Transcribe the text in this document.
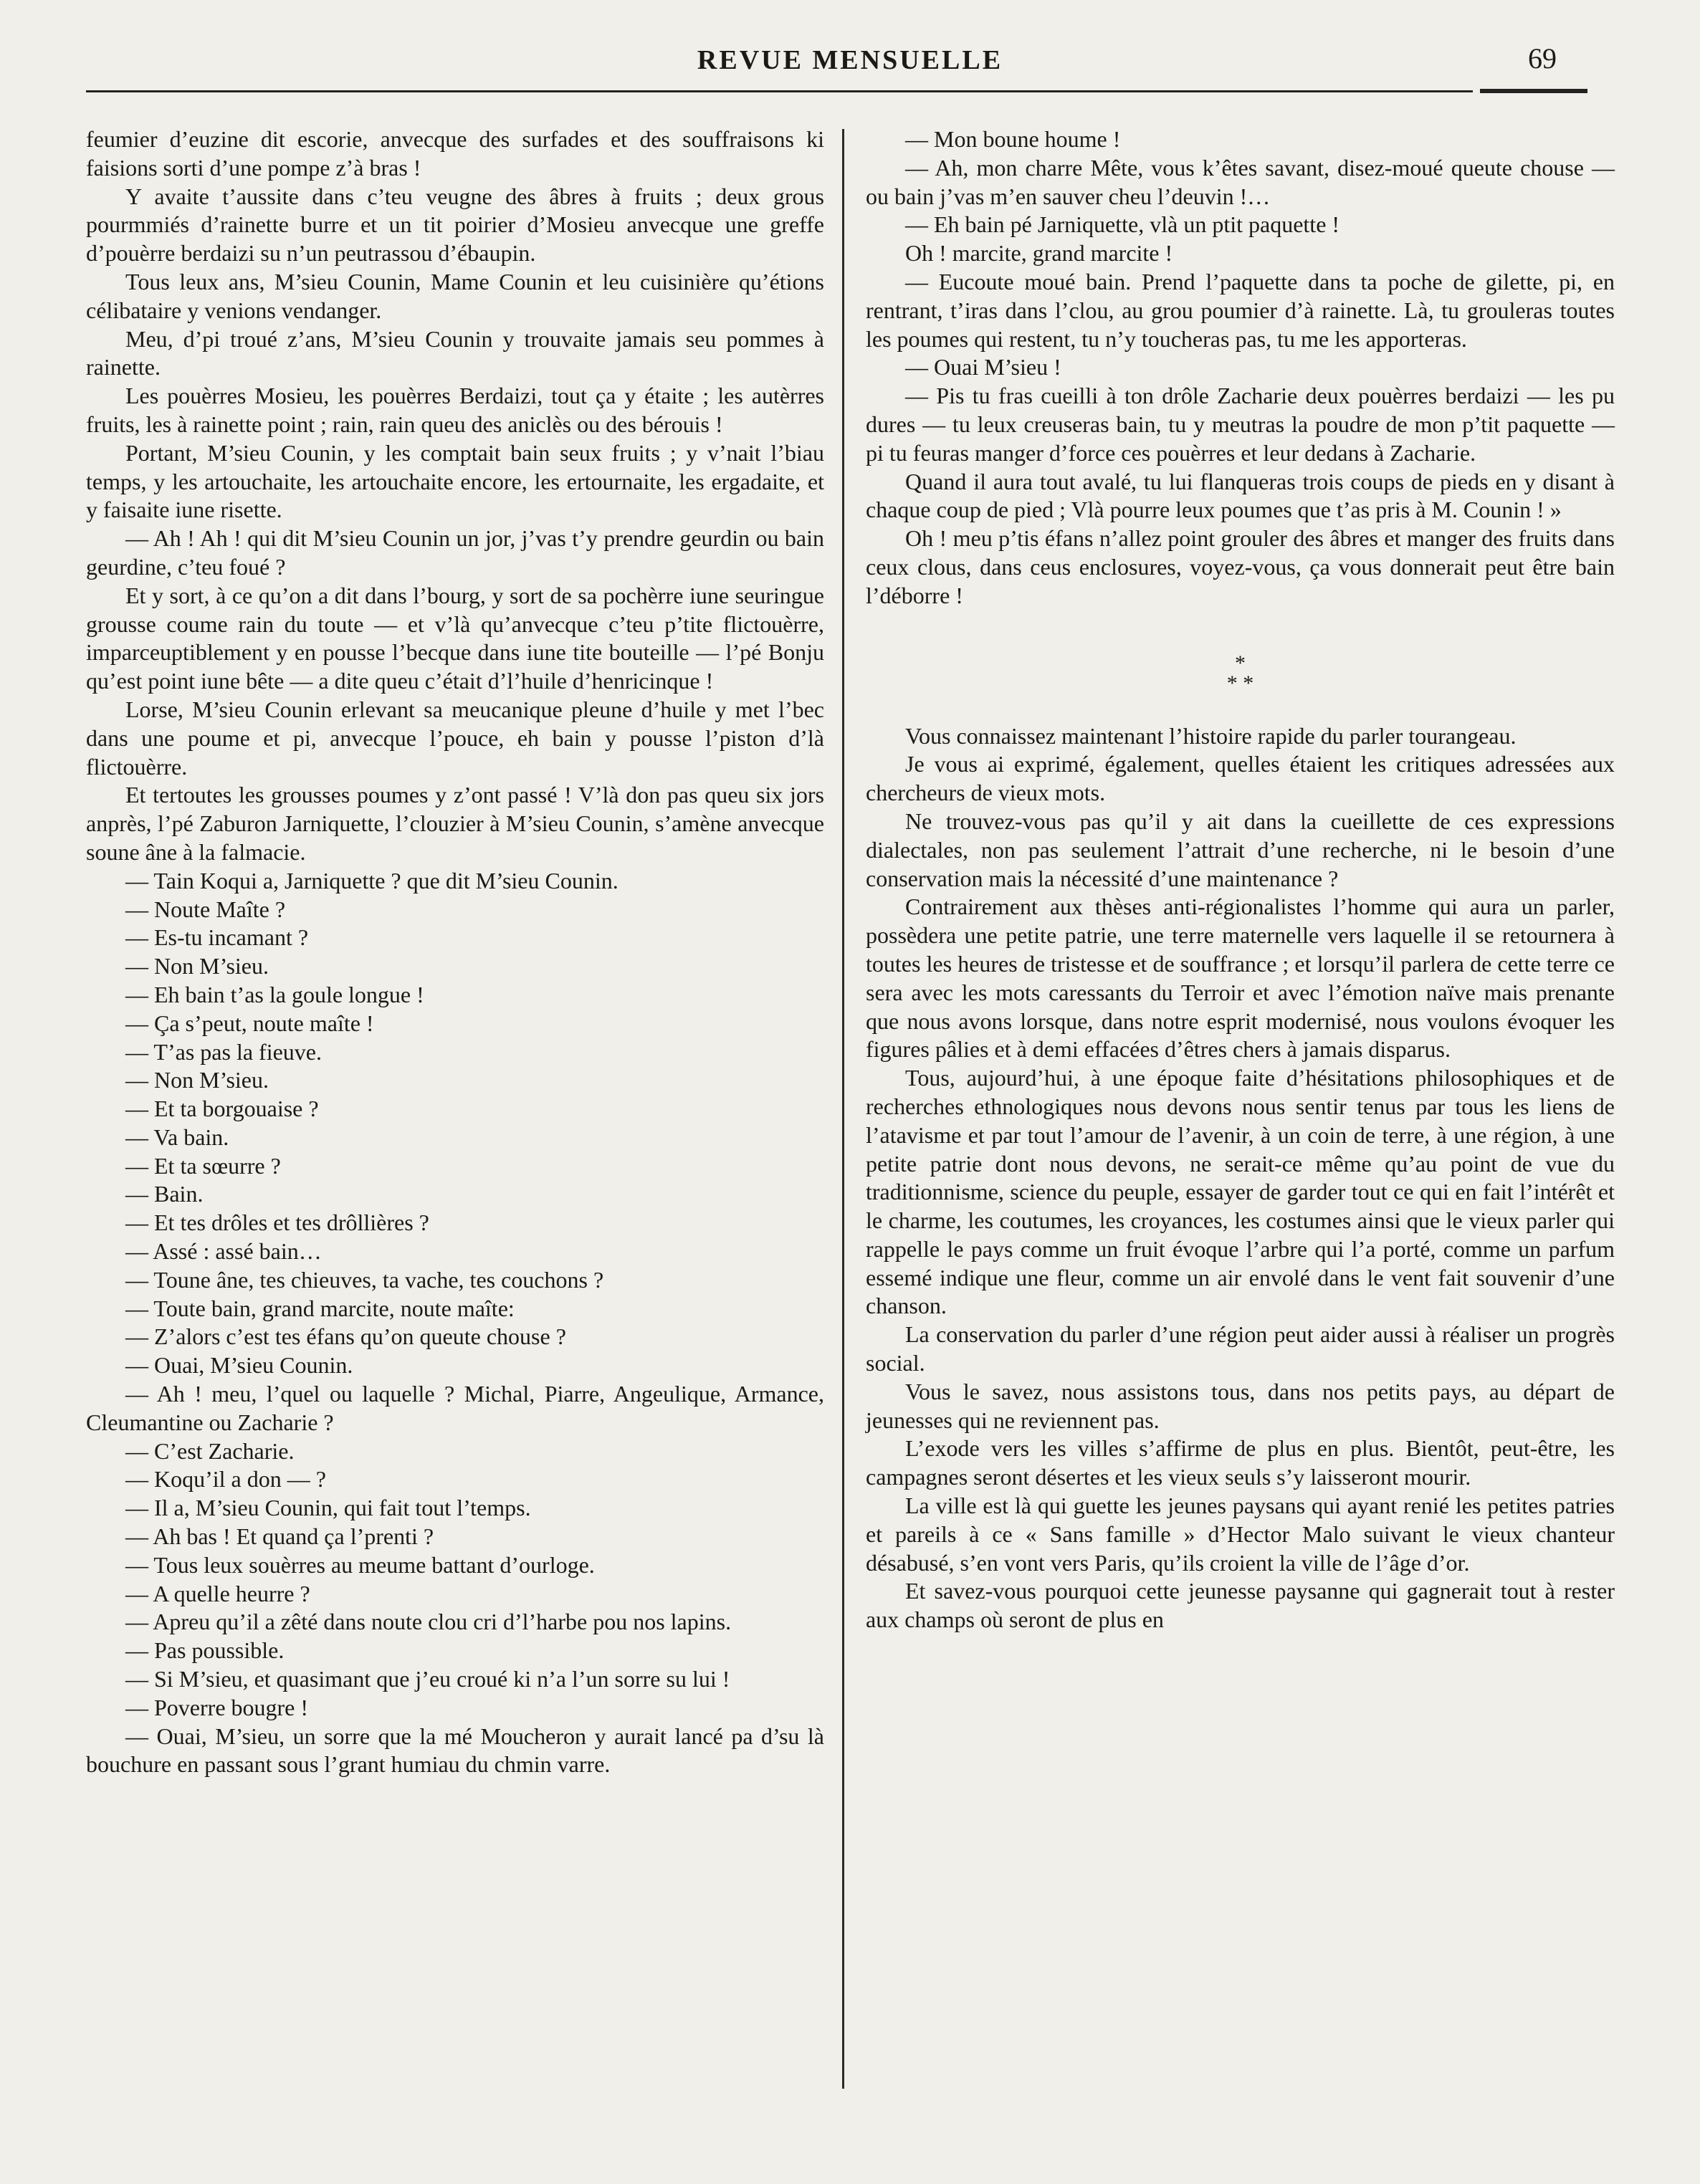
REVUE MENSUELLE	69

feumier d’euzine dit escorie, anvecque des surfades et des souffraisons ki faisions sorti d’une pompe z’à bras !

Y avaite t’aussite dans c’teu veugne des âbres à fruits ; deux grous pourmmiés d’rainette burre et un tit poirier d’Mosieu anvecque une greffe d’pouèrre berdaizi su n’un peutrassou d’ébaupin.

Tous leux ans, M’sieu Counin, Mame Counin et leu cuisinière qu’étions célibataire y venions vendanger.

Meu, d’pi troué z’ans, M’sieu Counin y trouvaite jamais seu pommes à rainette.

Les pouèrres Mosieu, les pouèrres Berdaizi, tout ça y étaite ; les autèrres fruits, les à rainette point ; rain, rain queu des aniclès ou des bérouis !

Portant, M’sieu Counin, y les comptait bain seux fruits ; y v’nait l’biau temps, y les artouchaite, les artouchaite encore, les ertournaite, les ergadaite, et y faisaite iune risette.

— Ah ! Ah ! qui dit M’sieu Counin un jor, j’vas t’y prendre geurdin ou bain geurdine, c’teu foué ?

Et y sort, à ce qu’on a dit dans l’bourg, y sort de sa pochèrre iune seuringue grousse coume rain du toute — et v’là qu’anvecque c’teu p’tite flictouèrre, imparceuptiblement y en pousse l’becque dans iune tite bouteille — l’pé Bonju qu’est point iune bête — a dite queu c’était d’l’huile d’henricinque !

Lorse, M’sieu Counin erlevant sa meucanique pleune d’huile y met l’bec dans une poume et pi, anvecque l’pouce, eh bain y pousse l’piston d’là flictouèrre.

Et tertoutes les grousses poumes y z’ont passé ! V’là don pas queu six jors anprès, l’pé Zaburon Jarniquette, l’clouzier à M’sieu Counin, s’amène anvecque soune âne à la falmacie.

— Tain Koqui a, Jarniquette ? que dit M’sieu Counin.

— Noute Maîte ?

— Es-tu incamant ?

— Non M’sieu.

— Eh bain t’as la goule longue !

— Ça s’peut, noute maîte !

— T’as pas la fieuve.

— Non M’sieu.

— Et ta borgouaise ?

— Va bain.

— Et ta sœurre ?

— Bain.

— Et tes drôles et tes drôllières ?

— Assé : assé bain…

— Toune âne, tes chieuves, ta vache, tes couchons ?

— Toute bain, grand marcite, noute maîte:

— Z’alors c’est tes éfans qu’on queute chouse ?

— Ouai, M’sieu Counin.

— Ah ! meu, l’quel ou laquelle ? Michal, Piarre, Angeulique, Armance, Cleumantine ou Zacharie ?

— C’est Zacharie.

— Koqu’il a don — ?

— Il a, M’sieu Counin, qui fait tout l’temps.

— Ah bas ! Et quand ça l’prenti ?

— Tous leux souèrres au meume battant d’ourloge.

— A quelle heurre ?

— Apreu qu’il a zêté dans noute clou cri d’l’harbe pou nos lapins.

— Pas poussible.

— Si M’sieu, et quasimant que j’eu croué ki n’a l’un sorre su lui !

— Poverre bougre !

— Ouai, M’sieu, un sorre que la mé Moucheron y aurait lancé pa d’su là bouchure en passant sous l’grant humiau du chmin varre.

— Mon boune houme !

— Ah, mon charre Mête, vous k’êtes savant, disez-moué queute chouse — ou bain j’vas m’en sauver cheu l’deuvin !…

— Eh bain pé Jarniquette, vlà un ptit paquette !

Oh ! marcite, grand marcite !

— Eucoute moué bain. Prend l’paquette dans ta poche de gilette, pi, en rentrant, t’iras dans l’clou, au grou poumier d’à rainette. Là, tu grouleras toutes les poumes qui restent, tu n’y toucheras pas, tu me les apporteras.

— Ouai M’sieu !

— Pis tu fras cueilli à ton drôle Zacharie deux pouèrres berdaizi — les pu dures — tu leux creuseras bain, tu y meutras la poudre de mon p’tit paquette — pi tu feuras manger d’force ces pouèrres et leur dedans à Zacharie.

Quand il aura tout avalé, tu lui flanqueras trois coups de pieds en y disant à chaque coup de pied ; Vlà pourre leux poumes que t’as pris à M. Counin ! »

Oh ! meu p’tis éfans n’allez point grouler des âbres et manger des fruits dans ceux clous, dans ceus enclosures, voyez-vous, ça vous donnerait peut être bain l’déborre !

*
* *

Vous connaissez maintenant l’histoire rapide du parler tourangeau.

Je vous ai exprimé, également, quelles étaient les critiques adressées aux chercheurs de vieux mots.

Ne trouvez-vous pas qu’il y ait dans la cueillette de ces expressions dialectales, non pas seulement l’attrait d’une recherche, ni le besoin d’une conservation mais la nécessité d’une maintenance ?

Contrairement aux thèses anti-régionalistes l’homme qui aura un parler, possèdera une petite patrie, une terre maternelle vers laquelle il se retournera à toutes les heures de tristesse et de souffrance ; et lorsqu’il parlera de cette terre ce sera avec les mots caressants du Terroir et avec l’émotion naïve mais prenante que nous avons lorsque, dans notre esprit modernisé, nous voulons évoquer les figures pâlies et à demi effacées d’êtres chers à jamais disparus.

Tous, aujourd’hui, à une époque faite d’hésitations philosophiques et de recherches ethnologiques nous devons nous sentir tenus par tous les liens de l’atavisme et par tout l’amour de l’avenir, à un coin de terre, à une région, à une petite patrie dont nous devons, ne serait-ce même qu’au point de vue du traditionnisme, science du peuple, essayer de garder tout ce qui en fait l’intérêt et le charme, les coutumes, les croyances, les costumes ainsi que le vieux parler qui rappelle le pays comme un fruit évoque l’arbre qui l’a porté, comme un parfum essemé indique une fleur, comme un air envolé dans le vent fait souvenir d’une chanson.

La conservation du parler d’une région peut aider aussi à réaliser un progrès social.

Vous le savez, nous assistons tous, dans nos petits pays, au départ de jeunesses qui ne reviennent pas.

L’exode vers les villes s’affirme de plus en plus. Bientôt, peut-être, les campagnes seront désertes et les vieux seuls s’y laisseront mourir.

La ville est là qui guette les jeunes paysans qui ayant renié les petites patries et pareils à ce « Sans famille » d’Hector Malo suivant le vieux chanteur désabusé, s’en vont vers Paris, qu’ils croient la ville de l’âge d’or.

Et savez-vous pourquoi cette jeunesse paysanne qui gagnerait tout à rester aux champs où seront de plus en
